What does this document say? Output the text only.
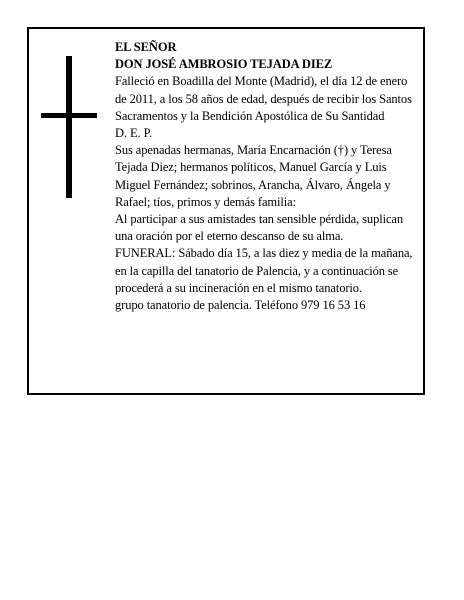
EL SEÑOR

DON JOSÉ AMBROSIO TEJADA DIEZ

Falleció en Boadilla del Monte (Madrid), el día 12 de enero de 2011, a los 58 años de edad, después de recibir los Santos Sacramentos y la Bendición Apostólica de Su Santidad

D. E. P.

Sus apenadas hermanas, María Encarnación (†) y Teresa Tejada Diez; hermanos políticos, Manuel García y Luis Miguel Fernández; sobrinos, Arancha, Álvaro, Ángela y Rafael; tíos, primos y demás familia:

Al participar a sus amistades tan sensible pérdida, suplican una oración por el eterno descanso de su alma.

FUNERAL: Sábado día 15, a las diez y media de la mañana, en la capilla del tanatorio de Palencia, y a continuación se procederá a su incineración en el mismo tanatorio.

grupo tanatorio de palencia. Teléfono 979 16 53 16
